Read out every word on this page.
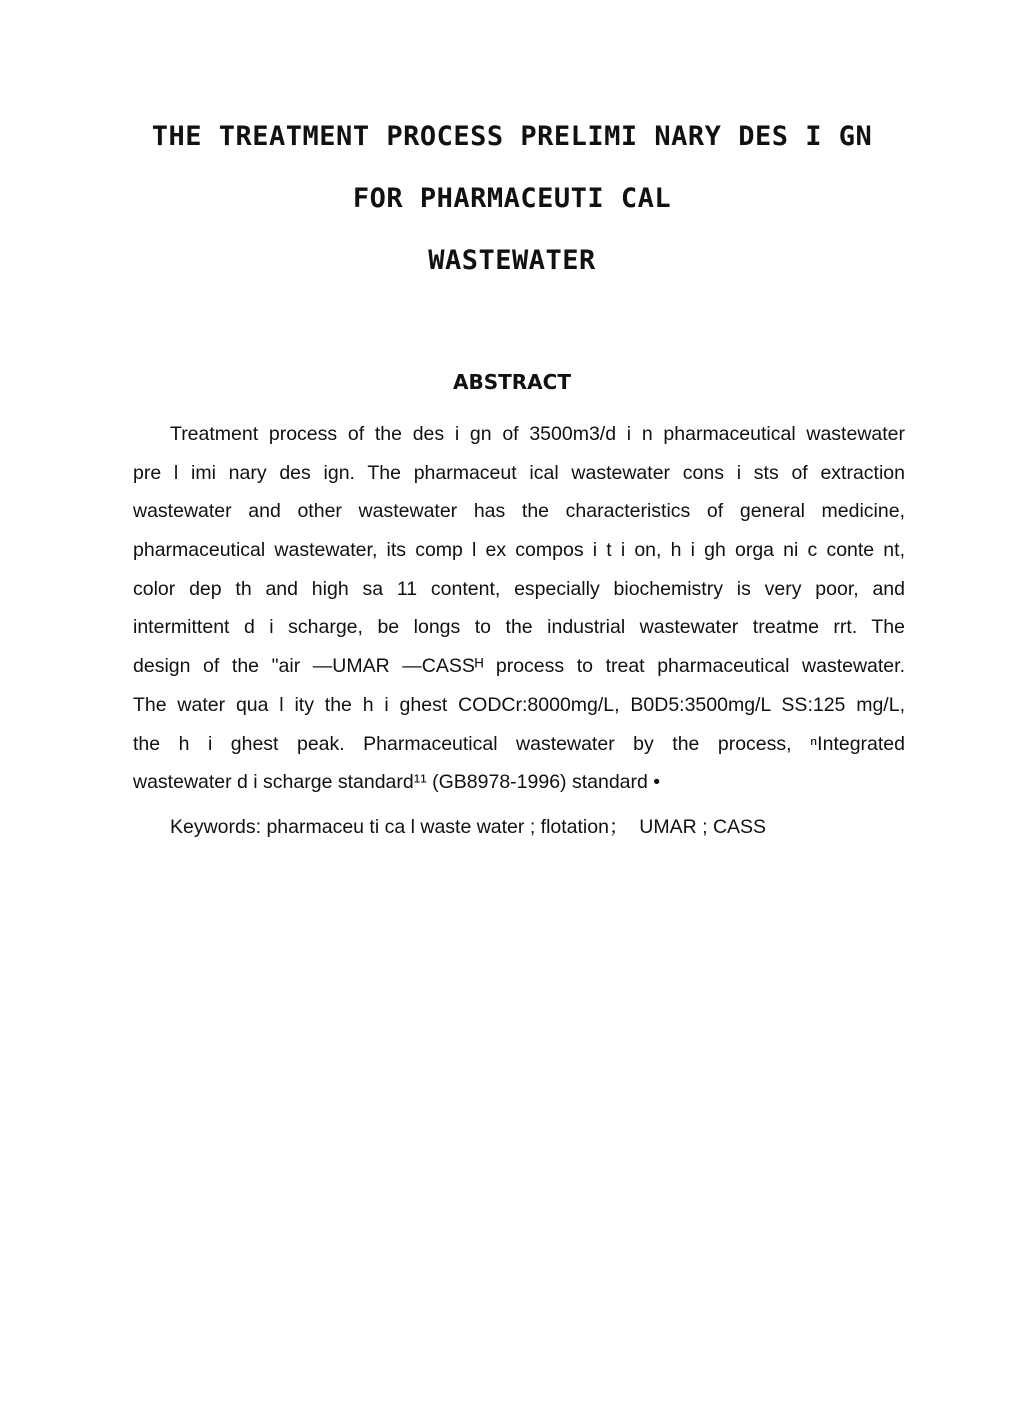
THE TREATMENT PROCESS PRELIMI NARY DES I GN
FOR PHARMACEUTI CAL
WASTEWATER
ABSTRACT
Treatment process of the des i gn of 3500m3/d i n pharmaceutical wastewater
pre l imi nary des ign. The pharmaceut ical wastewater cons i sts of extraction
wastewater and other wastewater has the characteristics of general medicine,
pharmaceutical wastewater, its comp l ex compos i t i on, h i gh orga ni c conte nt,
color dep th and high sa 11 content, especially biochemistry is very poor, and
intermittent d i scharge, be longs to the industrial wastewater treatme rrt. The
design of the "air —UMAR —CASSᴴ process to treat pharmaceutical wastewater.
The water qua l ity the h i ghest CODCr:8000mg/L, B0D5:3500mg/L SS:125 mg/L,
the h i ghest peak. Pharmaceutical wastewater by the process, ⁿIntegrated
wastewater d i scharge standard¹¹ (GB8978-1996) standard •
Keywords: pharmaceu ti ca l waste water ; flotation；  UMAR ; CASS
